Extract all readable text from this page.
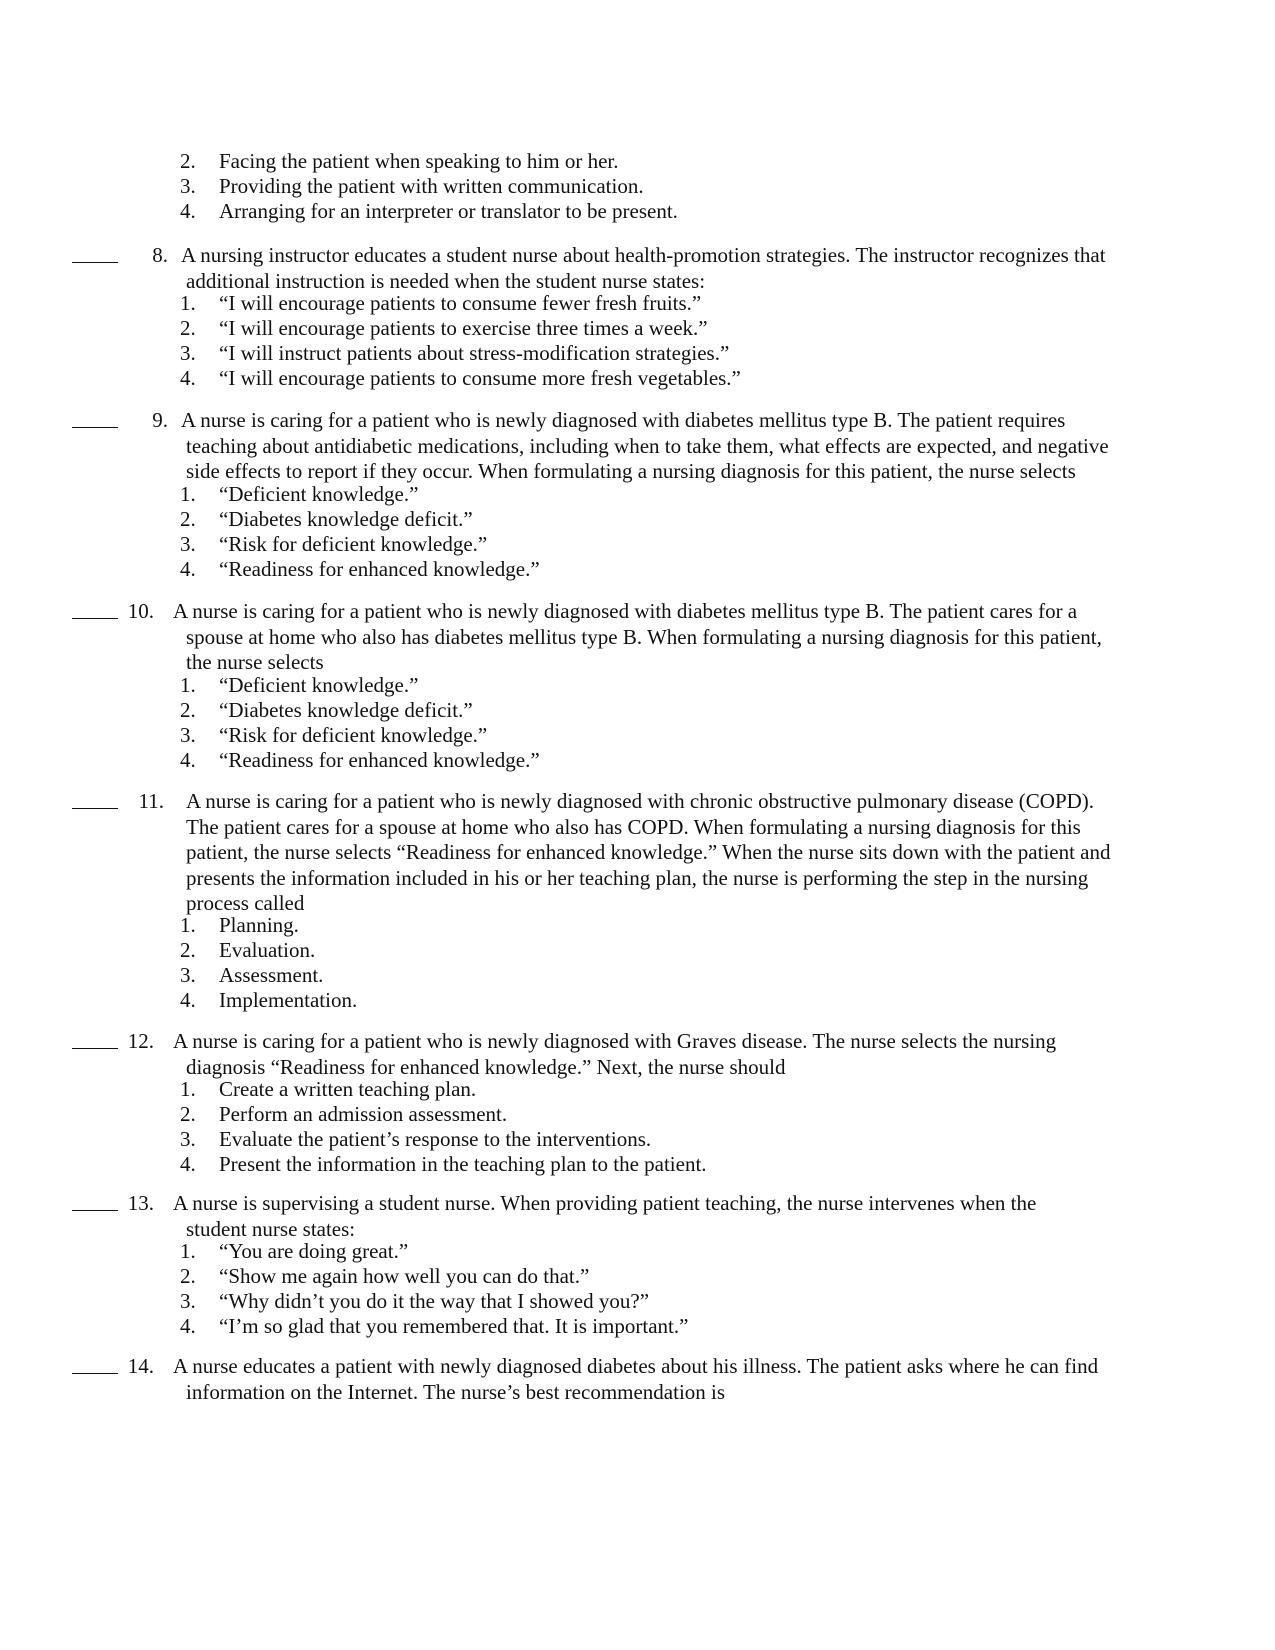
2. Facing the patient when speaking to him or her.
3. Providing the patient with written communication.
4. Arranging for an interpreter or translator to be present.
8. A nursing instructor educates a student nurse about health-promotion strategies. The instructor recognizes that
additional instruction is needed when the student nurse states:
1. “I will encourage patients to consume fewer fresh fruits.”
2. “I will encourage patients to exercise three times a week.”
3. “I will instruct patients about stress-modification strategies.”
4. “I will encourage patients to consume more fresh vegetables.”
9. A nurse is caring for a patient who is newly diagnosed with diabetes mellitus type B. The patient requires
teaching about antidiabetic medications, including when to take them, what effects are expected, and negative
side effects to report if they occur. When formulating a nursing diagnosis for this patient, the nurse selects
1. “Deficient knowledge.”
2. “Diabetes knowledge deficit.”
3. “Risk for deficient knowledge.”
4. “Readiness for enhanced knowledge.”
10. A nurse is caring for a patient who is newly diagnosed with diabetes mellitus type B. The patient cares for a
spouse at home who also has diabetes mellitus type B. When formulating a nursing diagnosis for this patient,
the nurse selects
1. “Deficient knowledge.”
2. “Diabetes knowledge deficit.”
3. “Risk for deficient knowledge.”
4. “Readiness for enhanced knowledge.”
11. A nurse is caring for a patient who is newly diagnosed with chronic obstructive pulmonary disease (COPD).
The patient cares for a spouse at home who also has COPD. When formulating a nursing diagnosis for this
patient, the nurse selects “Readiness for enhanced knowledge.” When the nurse sits down with the patient and
presents the information included in his or her teaching plan, the nurse is performing the step in the nursing
process called
1. Planning.
2. Evaluation.
3. Assessment.
4. Implementation.
12. A nurse is caring for a patient who is newly diagnosed with Graves disease. The nurse selects the nursing
diagnosis “Readiness for enhanced knowledge.” Next, the nurse should
1. Create a written teaching plan.
2. Perform an admission assessment.
3. Evaluate the patient’s response to the interventions.
4. Present the information in the teaching plan to the patient.
13. A nurse is supervising a student nurse. When providing patient teaching, the nurse intervenes when the
student nurse states:
1. “You are doing great.”
2. “Show me again how well you can do that.”
3. “Why didn’t you do it the way that I showed you?”
4. “I’m so glad that you remembered that. It is important.”
14. A nurse educates a patient with newly diagnosed diabetes about his illness. The patient asks where he can find
information on the Internet. The nurse’s best recommendation is
